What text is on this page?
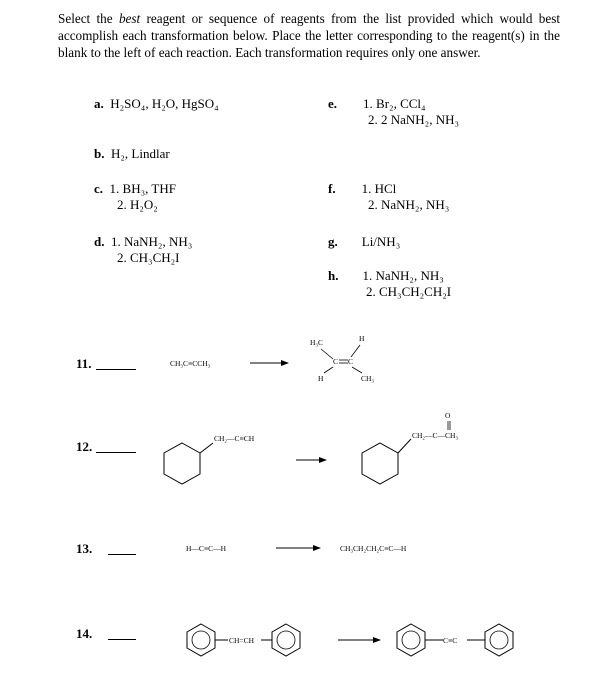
Select the best reagent or sequence of reagents from the list provided which would best accomplish each transformation below. Place the letter corresponding to the reagent(s) in the blank to the left of each reaction. Each transformation requires only one answer.
a. H₂SO₄, H₂O, HgSO₄
b. H₂, Lindlar
c. 1. BH₃, THF
2. H₂O₂
d. 1. NaNH₂, NH₃
2. CH₃CH₂I
e. 1. Br₂, CCl₄
2. 2 NaNH₂, NH₃
f. 1. HCl
2. NaNH₂, NH₃
g. Li/NH₃
h. 1. NaNH₂, NH₃
2. CH₃CH₂CH₂I
11.
12.
13.
14.
CH₃C≡CCH₃
H₃C	H
C C
H	CH₃
CH₂—C≡CH
O
CH₂—C—CH₃
H—C≡C—H	CH₃CH₂CH₂C≡C—H
CH=CH	C≡C
